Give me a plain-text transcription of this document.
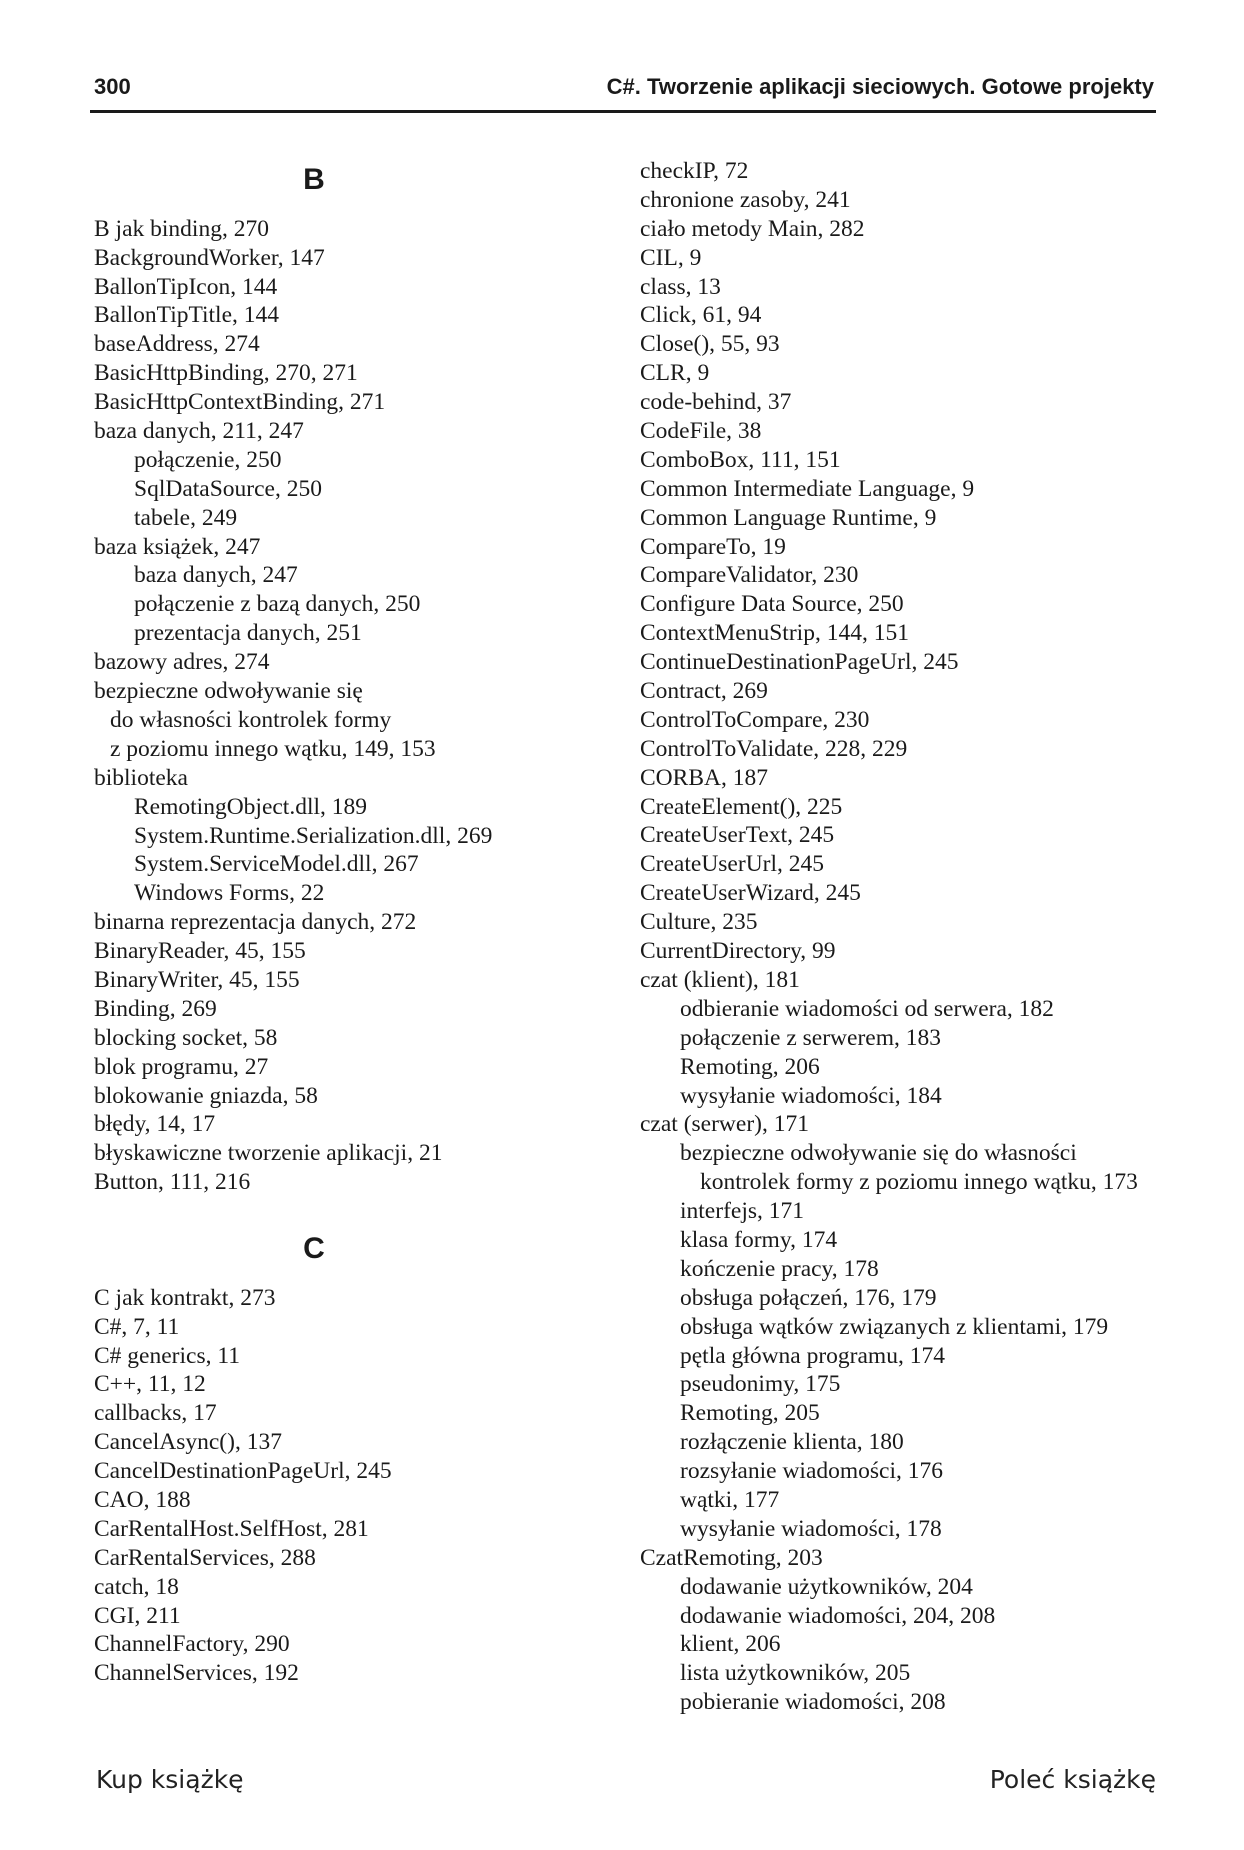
300	C#. Tworzenie aplikacji sieciowych. Gotowe projekty
B
B jak binding, 270
BackgroundWorker, 147
BallonTipIcon, 144
BallonTipTitle, 144
baseAddress, 274
BasicHttpBinding, 270, 271
BasicHttpContextBinding, 271
baza danych, 211, 247
połączenie, 250
SqlDataSource, 250
tabele, 249
baza książek, 247
baza danych, 247
połączenie z bazą danych, 250
prezentacja danych, 251
bazowy adres, 274
bezpieczne odwoływanie się
do własności kontrolek formy
z poziomu innego wątku, 149, 153
biblioteka
RemotingObject.dll, 189
System.Runtime.Serialization.dll, 269
System.ServiceModel.dll, 267
Windows Forms, 22
binarna reprezentacja danych, 272
BinaryReader, 45, 155
BinaryWriter, 45, 155
Binding, 269
blocking socket, 58
blok programu, 27
blokowanie gniazda, 58
błędy, 14, 17
błyskawiczne tworzenie aplikacji, 21
Button, 111, 216
C
C jak kontrakt, 273
C#, 7, 11
C# generics, 11
C++, 11, 12
callbacks, 17
CancelAsync(), 137
CancelDestinationPageUrl, 245
CAO, 188
CarRentalHost.SelfHost, 281
CarRentalServices, 288
catch, 18
CGI, 211
ChannelFactory, 290
ChannelServices, 192
checkIP, 72
chronione zasoby, 241
ciało metody Main, 282
CIL, 9
class, 13
Click, 61, 94
Close(), 55, 93
CLR, 9
code-behind, 37
CodeFile, 38
ComboBox, 111, 151
Common Intermediate Language, 9
Common Language Runtime, 9
CompareTo, 19
CompareValidator, 230
Configure Data Source, 250
ContextMenuStrip, 144, 151
ContinueDestinationPageUrl, 245
Contract, 269
ControlToCompare, 230
ControlToValidate, 228, 229
CORBA, 187
CreateElement(), 225
CreateUserText, 245
CreateUserUrl, 245
CreateUserWizard, 245
Culture, 235
CurrentDirectory, 99
czat (klient), 181
odbieranie wiadomości od serwera, 182
połączenie z serwerem, 183
Remoting, 206
wysyłanie wiadomości, 184
czat (serwer), 171
bezpieczne odwoływanie się do własności
kontrolek formy z poziomu innego wątku, 173
interfejs, 171
klasa formy, 174
kończenie pracy, 178
obsługa połączeń, 176, 179
obsługa wątków związanych z klientami, 179
pętla główna programu, 174
pseudonimy, 175
Remoting, 205
rozłączenie klienta, 180
rozsyłanie wiadomości, 176
wątki, 177
wysyłanie wiadomości, 178
CzatRemoting, 203
dodawanie użytkowników, 204
dodawanie wiadomości, 204, 208
klient, 206
lista użytkowników, 205
pobieranie wiadomości, 208
Kup książkę	Poleć książkę
